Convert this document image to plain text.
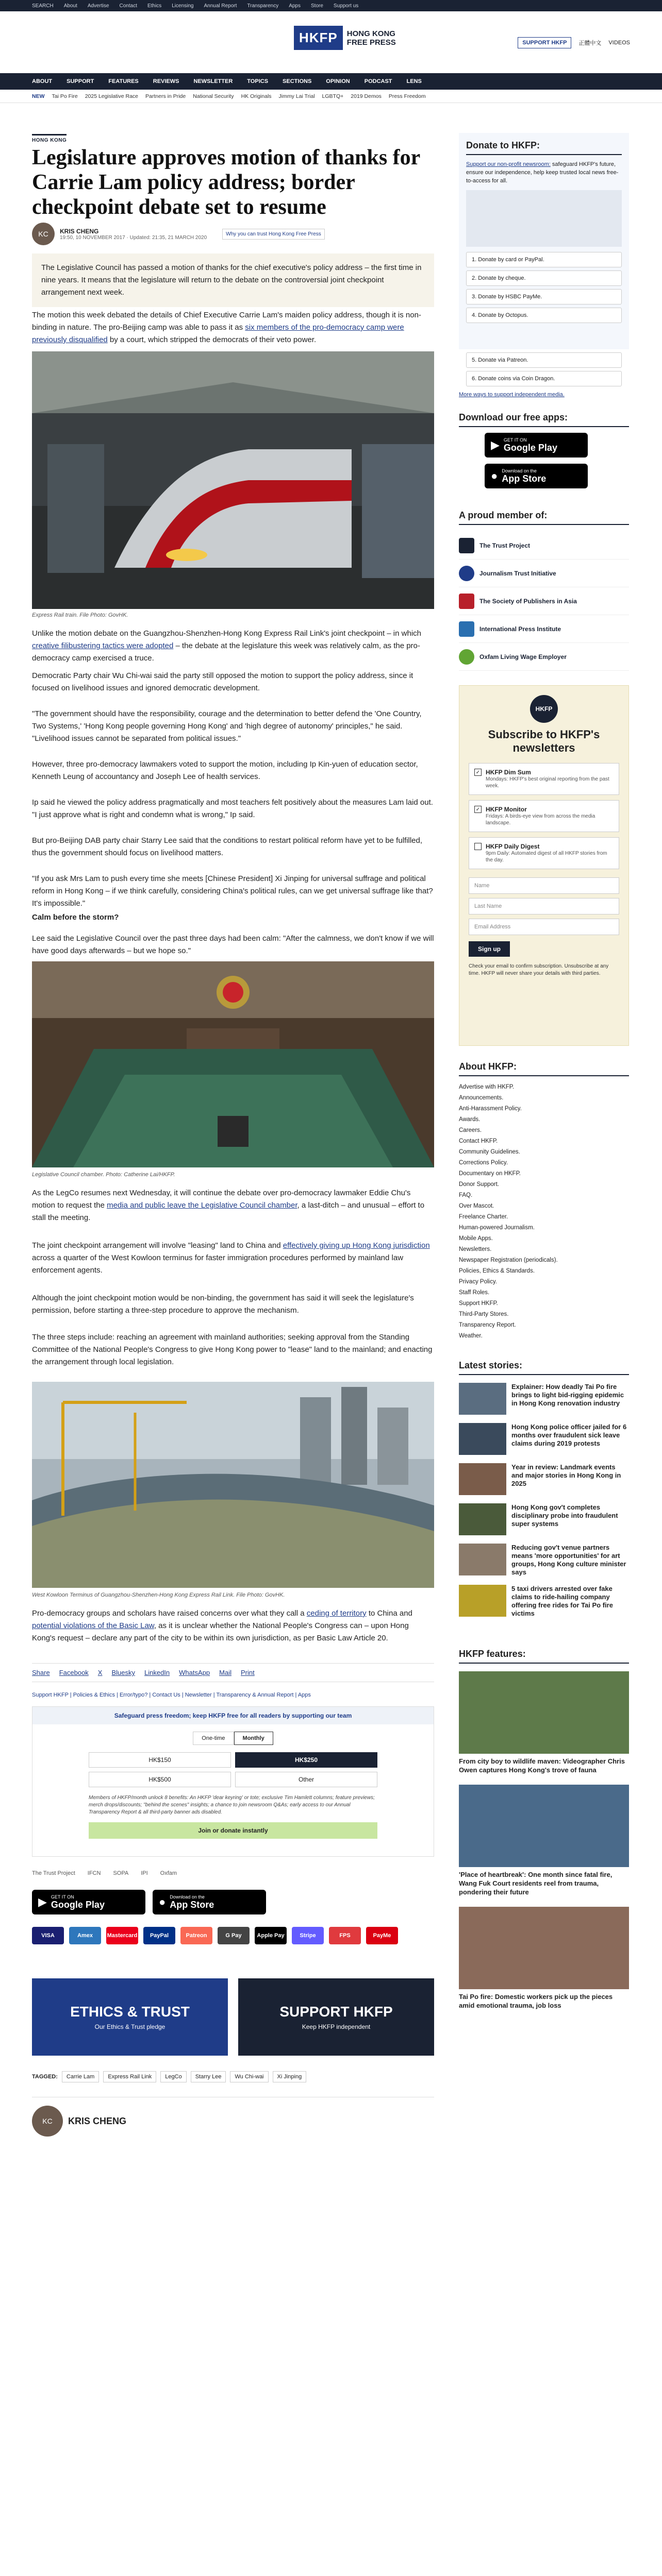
SEARCH About Advertise Contact Ethics Licensing Annual Report Transparency Apps Store Support us
HKFP	HONG KONG
FREE PRESS	SUPPORT HKFP	正體中文 VIDEOS
ABOUT	SUPPORT	FEATURES	REVIEWS	NEWSLETTER	TOPICS	SECTIONS	OPINION	PODCAST	LENS
NEW Tai Po Fire 2025 Legislative Race Partners in Pride National Security HK Originals Jimmy Lai Trial LGBTQ+ 2019 Demos Press Freedom
HONG KONG
Legislature approves motion of thanks for Carrie Lam policy address; border checkpoint debate set to resume
KC	KRIS CHENG
19:50, 10 NOVEMBER 2017 · Updated: 21:35, 21 MARCH 2020
Why you can trust Hong Kong Free Press
The Legislative Council has passed a motion of thanks for the chief executive's policy address – the first time in nine years. It means that the legislature will return to the debate on the controversial joint checkpoint arrangement next week.

The motion this week debated the details of Chief Executive Carrie Lam's maiden policy address, though it is non-binding in nature. The pro-Beijing camp was able to pass it as six members of the pro-democracy camp were previously disqualified by a court, which stripped the democrats of their veto power.

Express Rail train. File Photo: GovHK.

Unlike the motion debate on the Guangzhou-Shenzhen-Hong Kong Express Rail Link's joint checkpoint – in which creative filibustering tactics were adopted – the debate at the legislature this week was relatively calm, as the pro-democracy camp exercised a truce.

Democratic Party chair Wu Chi-wai said the party still opposed the motion to support the policy address, since it focused on livelihood issues and ignored democratic development.

"The government should have the responsibility, courage and the determination to better defend the 'One Country, Two Systems,' 'Hong Kong people governing Hong Kong' and 'high degree of autonomy' principles," he said. "Livelihood issues cannot be separated from political issues."

However, three pro-democracy lawmakers voted to support the motion, including Ip Kin-yuen of education sector, Kenneth Leung of accountancy and Joseph Lee of health services.

Ip said he viewed the policy address pragmatically and most teachers felt positively about the measures Lam laid out. "I just approve what is right and condemn what is wrong," Ip said.

But pro-Beijing DAB party chair Starry Lee said that the conditions to restart political reform have yet to be fulfilled, thus the government should focus on livelihood matters.

"If you ask Mrs Lam to push every time she meets [Chinese President] Xi Jinping for universal suffrage and political reform in Hong Kong – if we think carefully, considering China's political rules, can we get universal suffrage like that? It's impossible."

Calm before the storm?

Lee said the Legislative Council over the past three days had been calm: "After the calmness, we don't know if we will have good days afterwards – but we hope so."

Legislative Council chamber. Photo: Catherine Lai/HKFP.

As the LegCo resumes next Wednesday, it will continue the debate over pro-democracy lawmaker Eddie Chu's motion to request the media and public leave the Legislative Council chamber, a last-ditch – and unusual – effort to stall the meeting.

The joint checkpoint arrangement will involve "leasing" land to China and effectively giving up Hong Kong jurisdiction across a quarter of the West Kowloon terminus for faster immigration procedures performed by mainland law enforcement agents.

Although the joint checkpoint motion would be non-binding, the government has said it will seek the legislature's permission, before starting a three-step procedure to approve the mechanism.

The three steps include: reaching an agreement with mainland authorities; seeking approval from the Standing Committee of the National People's Congress to give Hong Kong power to "lease" land to the mainland; and enacting the arrangement through local legislation.

West Kowloon Terminus of Guangzhou-Shenzhen-Hong Kong Express Rail Link. File Photo: GovHK.

Pro-democracy groups and scholars have raised concerns over what they call a ceding of territory to China and potential violations of the Basic Law, as it is unclear whether the National People's Congress can – upon Hong Kong's request – declare any part of the city to be within its own jurisdiction, as per Basic Law Article 20.

Share Facebook X Bluesky LinkedIn WhatsApp Mail Print
Support HKFP | Policies & Ethics | Error/typo? | Contact Us | Newsletter | Transparency & Annual Report | Apps
Safeguard press freedom; keep HKFP free for all readers by supporting our team
One-time	Monthly
HK$150	HK$250
HK$500	Other
Members of HKFP/month unlock 8 benefits: An HKFP 'dear keyring' or tote; exclusive Tim Hamlett columns; feature previews; merch drops/discounts; "behind the scenes" insights; a chance to join newsroom Q&As; early access to our Annual Transparency Report & all third-party banner ads disabled.
Join or donate instantly
The Trust Project IFCN SOPA IPI Oxfam
▶ GET IT ON
Google Play	● Download on the
App Store
VISA	Amex	Mastercard	PayPal	Patreon	G Pay	Apple Pay	Stripe	FPS	PayMe
ETHICS & TRUST
Our Ethics & Trust pledge
SUPPORT HKFP
Keep HKFP independent
TAGGED:	Carrie Lam	Express Rail Link	LegCo	Starry Lee	Wu Chi-wai	Xi Jinping
KC	KRIS CHENG
Donate to HKFP:
Support our non-profit newsroom: safeguard HKFP's future, ensure our independence, help keep trusted local news free-to-access for all.
1. Donate by card or PayPal.
2. Donate by cheque.
3. Donate by HSBC PayMe.
4. Donate by Octopus.
5. Donate via Patreon.
6. Donate coins via Coin Dragon.
More ways to support independent media.
Download our free apps:
▶ GET IT ON
Google Play
● Download on the
App Store
A proud member of:
The Trust Project
Journalism Trust Initiative
The Society of Publishers in Asia
International Press Institute
Oxfam Living Wage Employer
HKFP
Subscribe to HKFP's newsletters
✓ HKFP Dim Sum
Mondays: HKFP's best original reporting from the past week.
✓ HKFP Monitor
Fridays: A birds-eye view from across the media landscape.
HKFP Daily Digest
9pm Daily: Automated digest of all HKFP stories from the day.
Name
Last Name
Email Address
Sign up
Check your email to confirm subscription. Unsubscribe at any time. HKFP will never share your details with third parties.
About HKFP:
Advertise with HKFP.
Announcements.
Anti-Harassment Policy.
Awards.
Careers.
Contact HKFP.
Community Guidelines.
Corrections Policy.
Documentary on HKFP.
Donor Support.
FAQ.
Over Mascot.
Freelance Charter.
Human-powered Journalism.
Mobile Apps.
Newsletters.
Newspaper Registration (periodicals).
Policies, Ethics & Standards.
Privacy Policy.
Staff Roles.
Support HKFP.
Third-Party Stores.
Transparency Report.
Weather.
Latest stories:
Explainer: How deadly Tai Po fire brings to light bid-rigging epidemic in Hong Kong renovation industry
Hong Kong police officer jailed for 6 months over fraudulent sick leave claims during 2019 protests
Year in review: Landmark events and major stories in Hong Kong in 2025
Hong Kong gov't completes disciplinary probe into fraudulent super systems
Reducing gov't venue partners means 'more opportunities' for art groups, Hong Kong culture minister says
5 taxi drivers arrested over fake claims to ride-hailing company offering free rides for Tai Po fire victims
HKFP features:
From city boy to wildlife maven: Videographer Chris Owen captures Hong Kong's trove of fauna
'Place of heartbreak': One month since fatal fire, Wang Fuk Court residents reel from trauma, pondering their future
Tai Po fire: Domestic workers pick up the pieces amid emotional trauma, job loss
